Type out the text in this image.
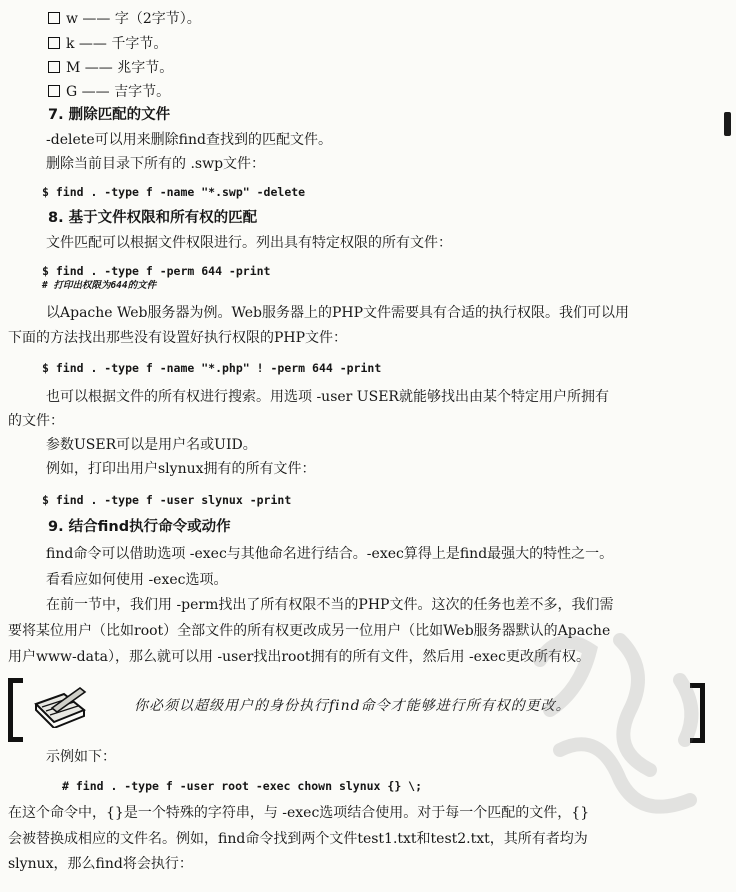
w —— 字（2字节）。
k —— 千字节。
M —— 兆字节。
G —— 吉字节。
7. 删除匹配的文件
-delete可以用来删除find查找到的匹配文件。
删除当前目录下所有的 .swp文件：
$ find . -type f -name "*.swp" -delete
8. 基于文件权限和所有权的匹配
文件匹配可以根据文件权限进行。列出具有特定权限的所有文件：
$ find . -type f -perm 644 -print
# 打印出权限为644的文件
以Apache Web服务器为例。Web服务器上的PHP文件需要具有合适的执行权限。我们可以用
下面的方法找出那些没有设置好执行权限的PHP文件：
$ find . -type f -name "*.php" ! -perm 644 -print
也可以根据文件的所有权进行搜索。用选项 -user USER就能够找出由某个特定用户所拥有
的文件：
参数USER可以是用户名或UID。
例如，打印出用户slynux拥有的所有文件：
$ find . -type f -user slynux -print
9. 结合find执行命令或动作
find命令可以借助选项 -exec与其他命名进行结合。-exec算得上是find最强大的特性之一。
看看应如何使用 -exec选项。
在前一节中，我们用 -perm找出了所有权限不当的PHP文件。这次的任务也差不多，我们需
要将某位用户（比如root）全部文件的所有权更改成另一位用户（比如Web服务器默认的Apache
用户www-data），那么就可以用 -user找出root拥有的所有文件，然后用 -exec更改所有权。
你必须以超级用户的身份执行find命令才能够进行所有权的更改。
示例如下：
# find . -type f -user root -exec chown slynux {} \;
在这个命令中，{}是一个特殊的字符串，与 -exec选项结合使用。对于每一个匹配的文件，{}
会被替换成相应的文件名。例如，find命令找到两个文件test1.txt和test2.txt，其所有者均为
slynux，那么find将会执行：
